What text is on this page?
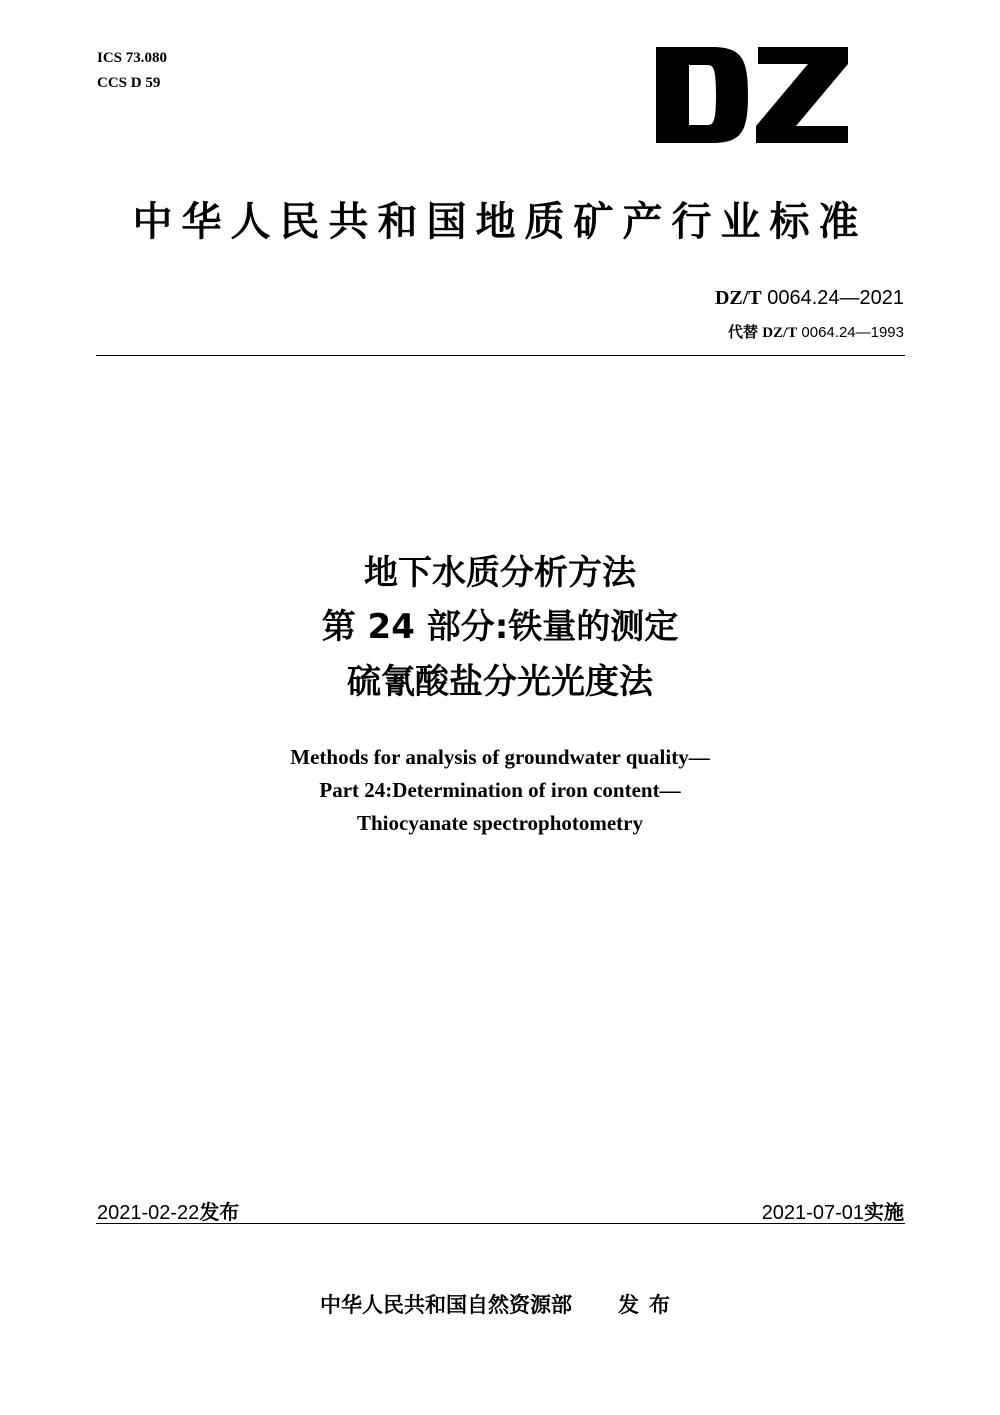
ICS 73.080
CCS D 59
中华人民共和国地质矿产行业标准
DZ/T 0064.24—2021
代替 DZ/T 0064.24—1993
地下水质分析方法
第 24 部分:铁量的测定
硫氰酸盐分光光度法
Methods for analysis of groundwater quality—
Part 24:Determination of iron content—
Thiocyanate spectrophotometry
2021-02-22发布	2021-07-01实施
中华人民共和国自然资源部 发布
